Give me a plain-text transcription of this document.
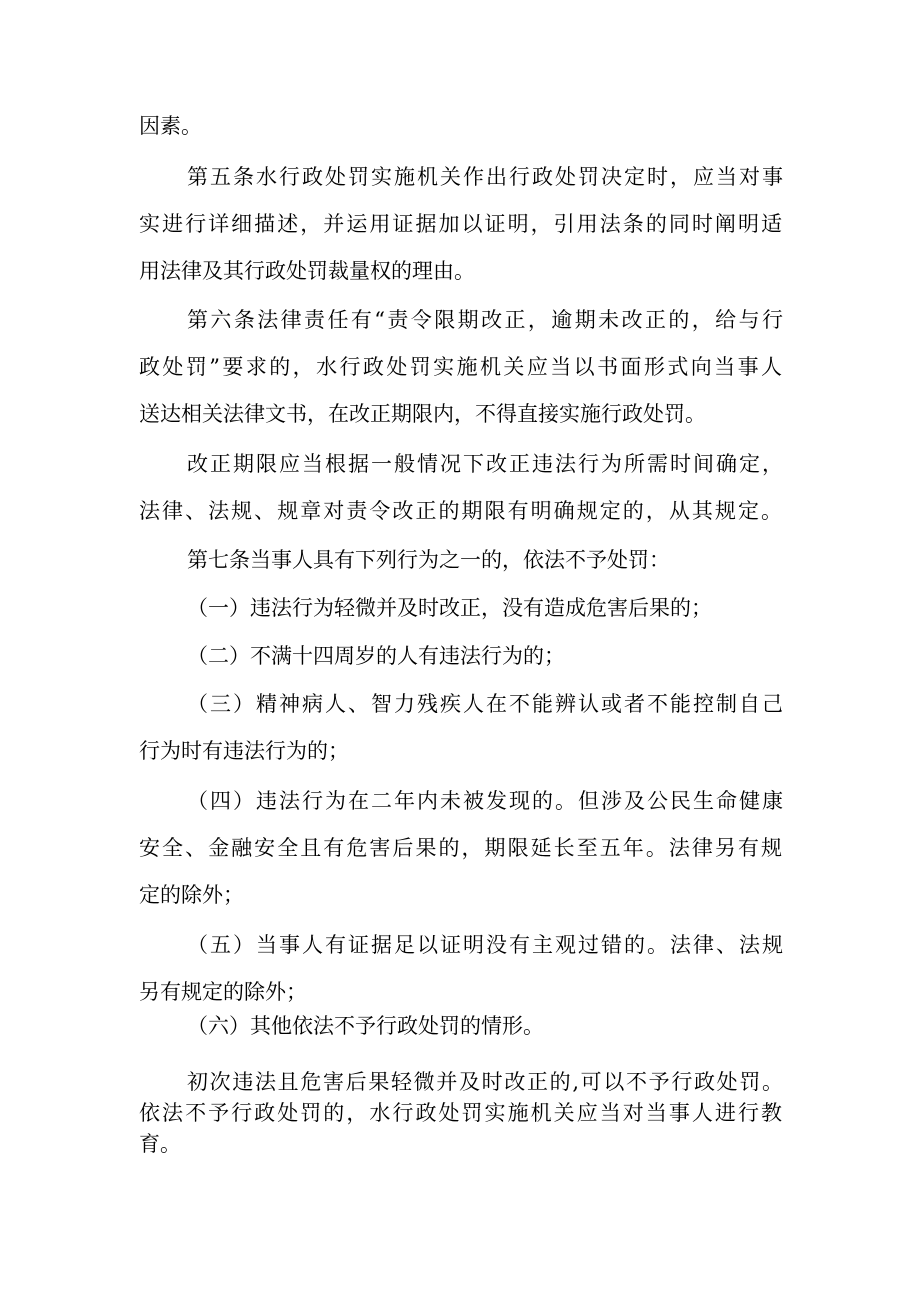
因素。

第五条水行政处罚实施机关作出行政处罚决定时，应当对事

实进行详细描述，并运用证据加以证明，引用法条的同时阐明适

用法律及其行政处罚裁量权的理由。

第六条法律责任有“责令限期改正，逾期未改正的，给与行

政处罚”要求的，水行政处罚实施机关应当以书面形式向当事人

送达相关法律文书，在改正期限内，不得直接实施行政处罚。

改正期限应当根据一般情况下改正违法行为所需时间确定，

法律、法规、规章对责令改正的期限有明确规定的，从其规定。

第七条当事人具有下列行为之一的，依法不予处罚：

（一）违法行为轻微并及时改正，没有造成危害后果的；

（二）不满十四周岁的人有违法行为的；

（三）精神病人、智力残疾人在不能辨认或者不能控制自己

行为时有违法行为的；

（四）违法行为在二年内未被发现的。但涉及公民生命健康

安全、金融安全且有危害后果的，期限延长至五年。法律另有规

定的除外；

（五）当事人有证据足以证明没有主观过错的。法律、法规

另有规定的除外；

（六）其他依法不予行政处罚的情形。

初次违法且危害后果轻微并及时改正的,可以不予行政处罚。

依法不予行政处罚的，水行政处罚实施机关应当对当事人进行教

育。
